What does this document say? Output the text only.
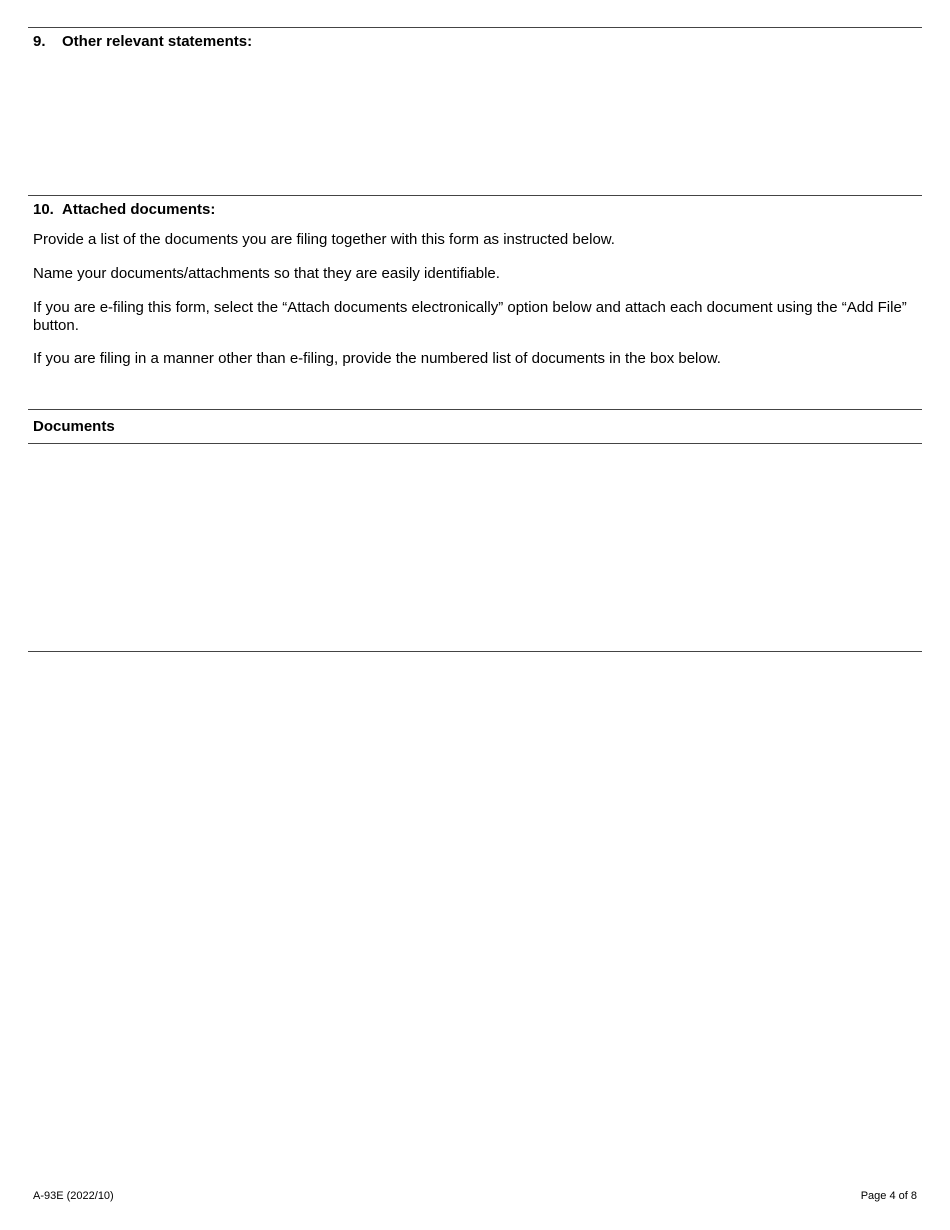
9. Other relevant statements:
10. Attached documents:

Provide a list of the documents you are filing together with this form as instructed below.

Name your documents/attachments so that they are easily identifiable.

If you are e-filing this form, select the “Attach documents electronically” option below and attach each document using the “Add File” button.

If you are filing in a manner other than e-filing, provide the numbered list of documents in the box below.

Documents
A-93E (2022/10)	Page 4 of 8
